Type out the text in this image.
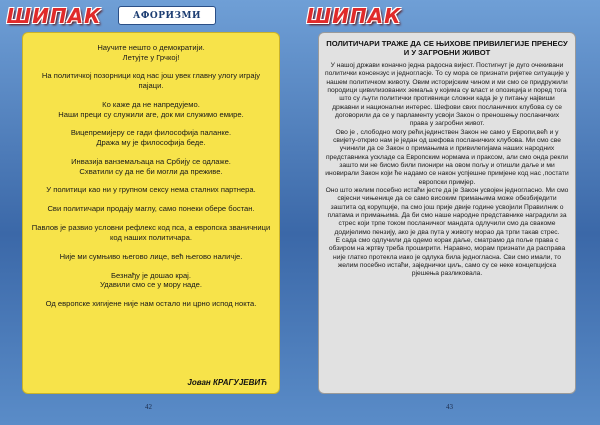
ШИПАК	АФОРИЗМИ

Научите нешто о демократији.
Летујте у Грчкој!

На политичкој позорници код нас још увек главну улогу играју пајаци.

Ко каже да не напредујемо.
Наши преци су служили аге, док ми служимо емире.

Вицепремијеру се гади философија паланке.
Дража му је философија беде.

Инвазија ванземаљаца на Србију се одлаже.
Схватили су да не би могли да преживе.

У политици као ни у групном сексу нема сталних партнера.

Сви политичари продају маглу, само понеки обере бостан.

Павлов је развио условни рефлекс код пса, а европска званичници код наших политичара.

Није ми сумњиво његово лице, већ његово наличје.

Безнађу је дошао крај.
Удавили смо се у мору наде.

Од европске хигијене није нам остало ни црно испод нокта.

Јован КРАГУЈЕВИЋ
42
ШИПАК
ПОЛИТИЧАРИ ТРАЖЕ ДА СЕ ЊИХОВЕ ПРИВИЛЕГИЈЕ ПРЕНЕСУ И У ЗАГРОБНИ ЖИВОТ

У нашој држави коначно једна радосна вијест. Постигнут је дуго очекивани политички консензус и једногласје. То су мора се признати ријетке ситуације у нашем политичком животу. Овим историјским чином и ми смо се придружили породици цивилизованих земаља у којима су власт и опозиција и поред тога што су љути политички противници сложни када је у питању највиши државни и национални интерес. Шефови свих посланичких клубова су се договорили да се у парламенту усвоји Закон о преношењу посланичких права у загробни живот.

Ово је , слободно могу рећи,јединствен Закон не само у Европи,већ и у свијету-открио нам је један од шефова посланичких клубова. Ми смо све учинили да се Закон о примањима и привилегијама наших народних представника ускладе са Европским нормама и праксом, али смо онда рекли зашто ми не бисмо били пионири на овом пољу и отишли даље и ми иновирали Закон који ће надамо се након успјешне примјене код нас ,постати европски примјер.

Оно што желим посебно истаћи јесте да је Закон усвојен једногласно. Ми смо свјесни чињенице да се само високим примањима може обезбиједити заштита од корупције, па смо још прије двије године усвојили Правилник о платама и примањима. Да би смо наше народне представнике наградили за стрес који трпе током посланичког мандата одлучили смо да свакоме додијелимо пензију, ако је два пута у животу морао да трпи такав стрес.

Е сада смо одлучили да одемо корак даље, сматрамо да поље права с обзиром на жртву треба проширити. Нарaвно, морам признати да расправа није глатко протекла иако је одлука била једногласна. Сви смо имали, то желим посебно истаћи, заједнички циљ, само су се неке концепцијска рјешења разликовала.

43
